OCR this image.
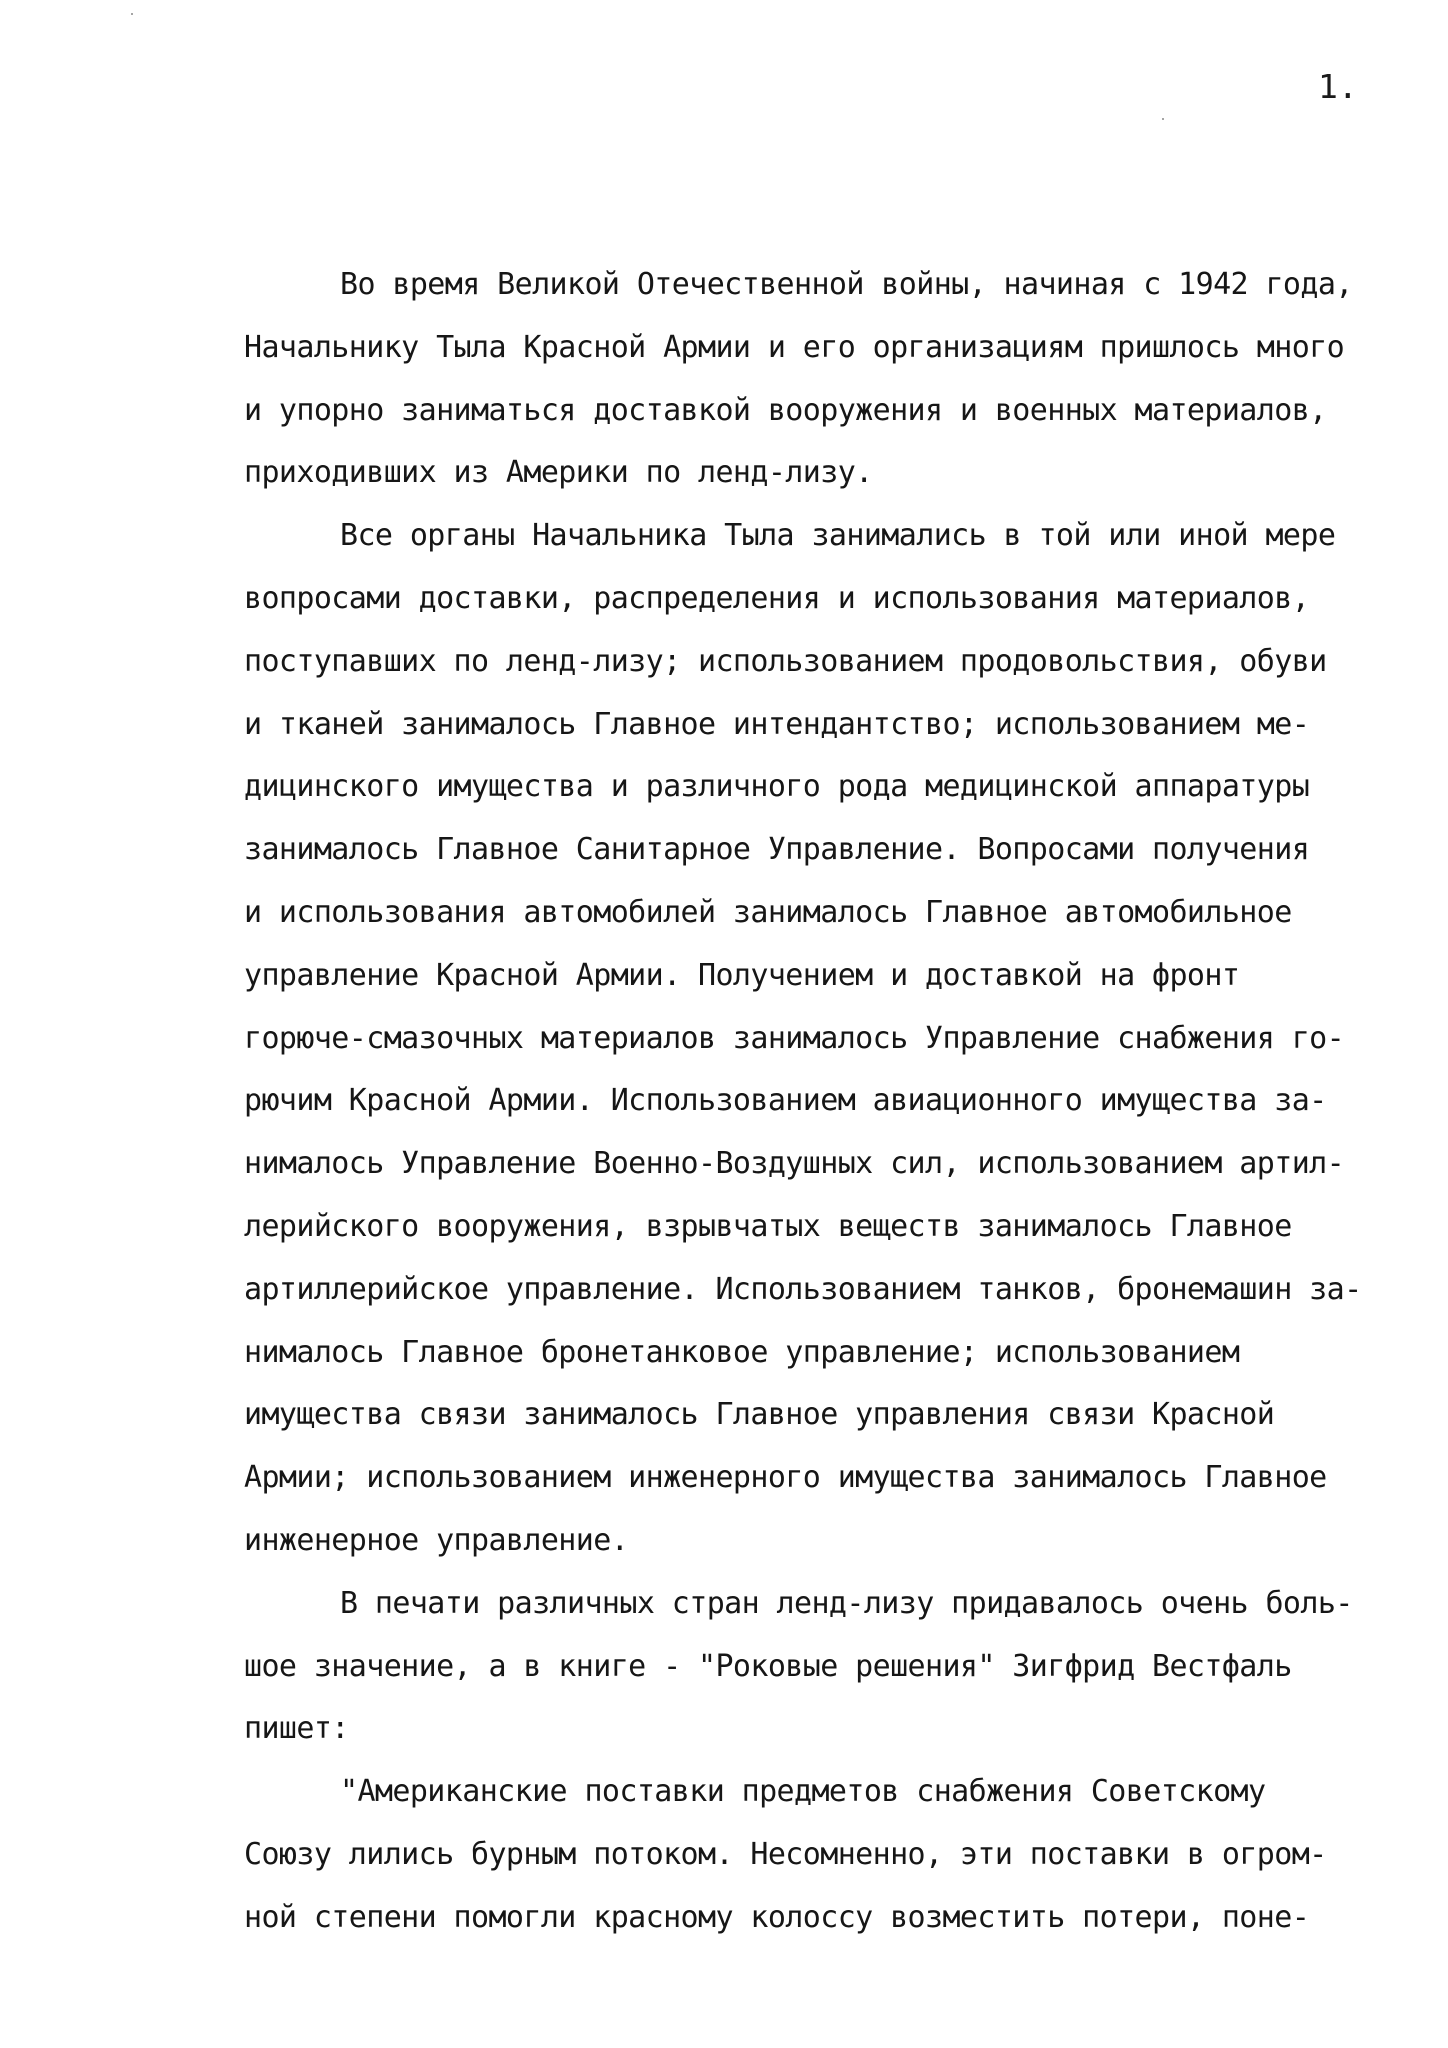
1.
Во время Великой Отечественной войны, начиная с 1942 года,
Начальнику Тыла Красной Армии и его организациям пришлось много
и упорно заниматься доставкой вооружения и военных материалов,
приходивших из Америки по ленд-лизу.
Все органы Начальника Тыла занимались в той или иной мере
вопросами доставки, распределения и использования материалов,
поступавших по ленд-лизу; использованием продовольствия, обуви
и тканей занималось Главное интендантство; использованием ме-
дицинского имущества и различного рода медицинской аппаратуры
занималось Главное Санитарное Управление. Вопросами получения
и использования автомобилей занималось Главное автомобильное
управление Красной Армии. Получением и доставкой на фронт
горюче-смазочных материалов занималось Управление снабжения го-
рючим Красной Армии. Использованием авиационного имущества за-
нималось Управление Военно-Воздушных сил, использованием артил-
лерийского вооружения, взрывчатых веществ занималось Главное
артиллерийское управление. Использованием танков, бронемашин за-
нималось Главное бронетанковое управление; использованием
имущества связи занималось Главное управления связи Красной
Армии; использованием инженерного имущества занималось Главное
инженерное управление.
В печати различных стран ленд-лизу придавалось очень боль-
шое значение, а в книге - "Роковые решения" Зигфрид Вестфаль
пишет:
"Американские поставки предметов снабжения Советскому
Союзу лились бурным потоком. Несомненно, эти поставки в огром-
ной степени помогли красному колоссу возместить потери, поне-
